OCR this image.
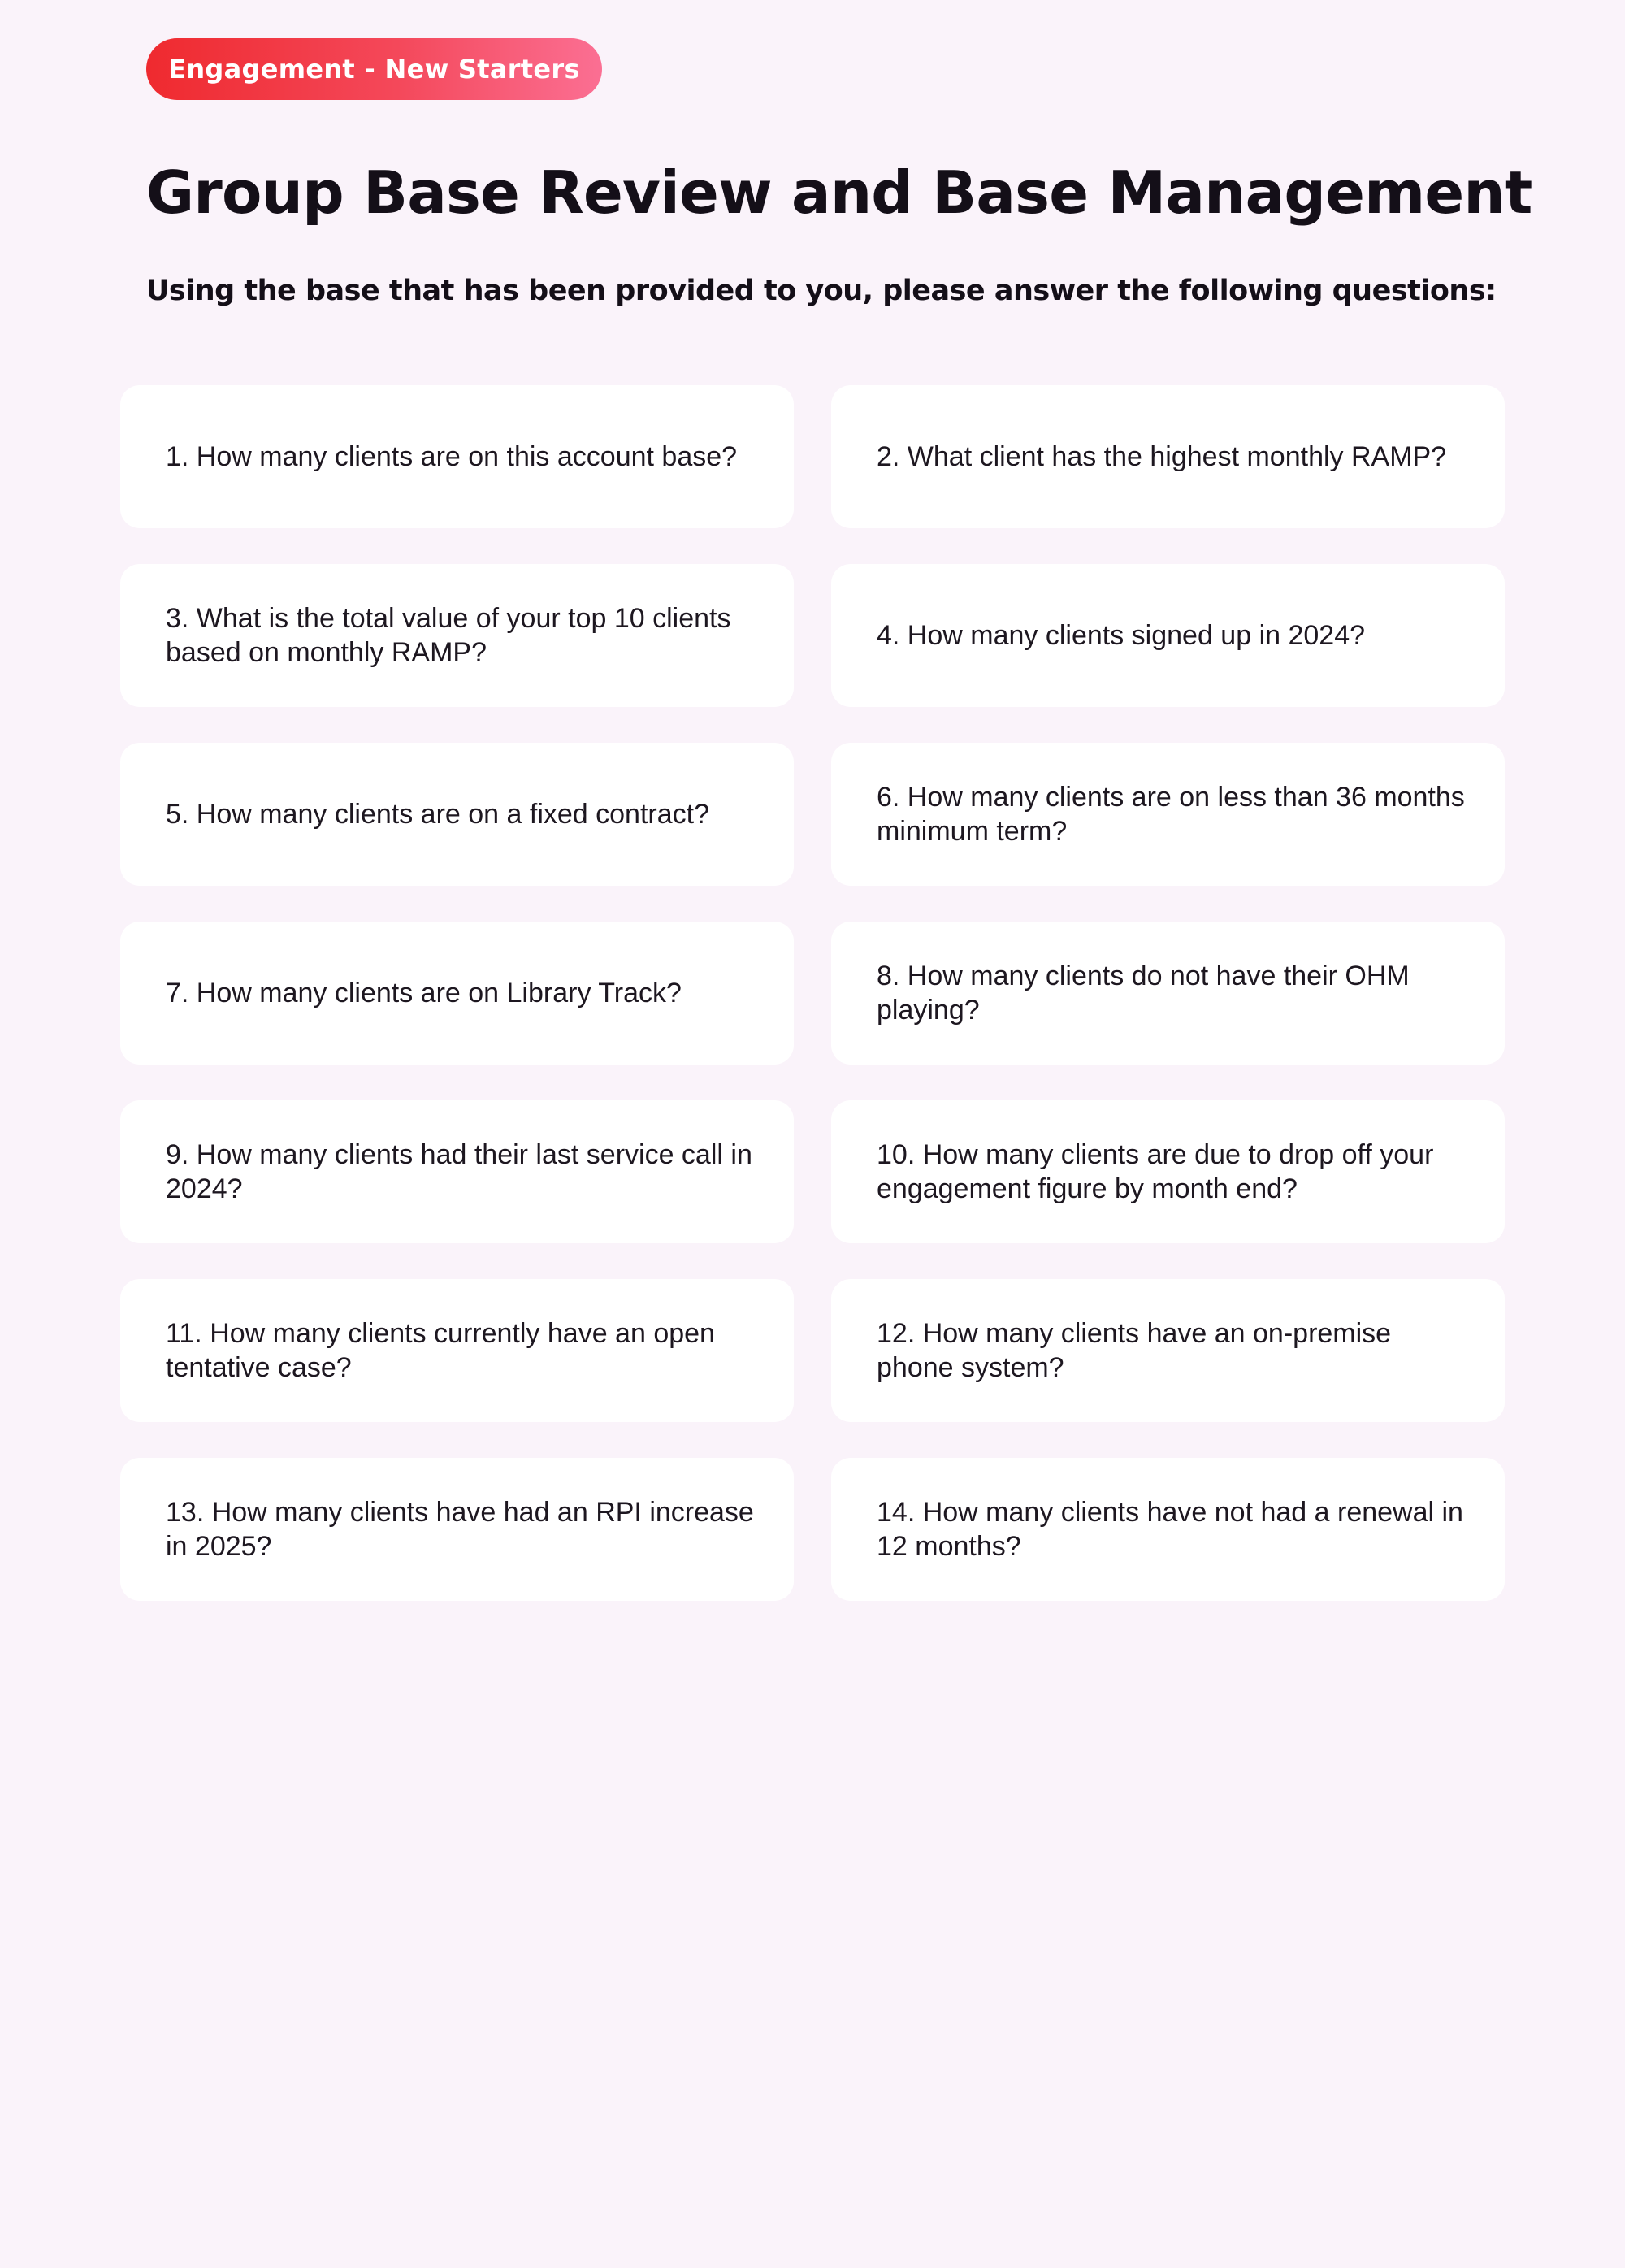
Engagement - New Starters
Group Base Review and Base Management

Using the base that has been provided to you, please answer the following questions:

1. How many clients are on this account base?	2. What client has the highest monthly RAMP?
3. What is the total value of your top 10 clients based on monthly RAMP?
4. How many clients signed up in 2024?
5. How many clients are on a fixed contract?
6. How many clients are on less than 36 months minimum term?
7. How many clients are on Library Track?
8. How many clients do not have their OHM playing?
9. How many clients had their last service call in 2024?
10. How many clients are due to drop off your engagement figure by month end?
11. How many clients currently have an open tentative case?
12. How many clients have an on-premise phone system?
13. How many clients have had an RPI increase in 2025?
14. How many clients have not had a renewal in 12 months?
